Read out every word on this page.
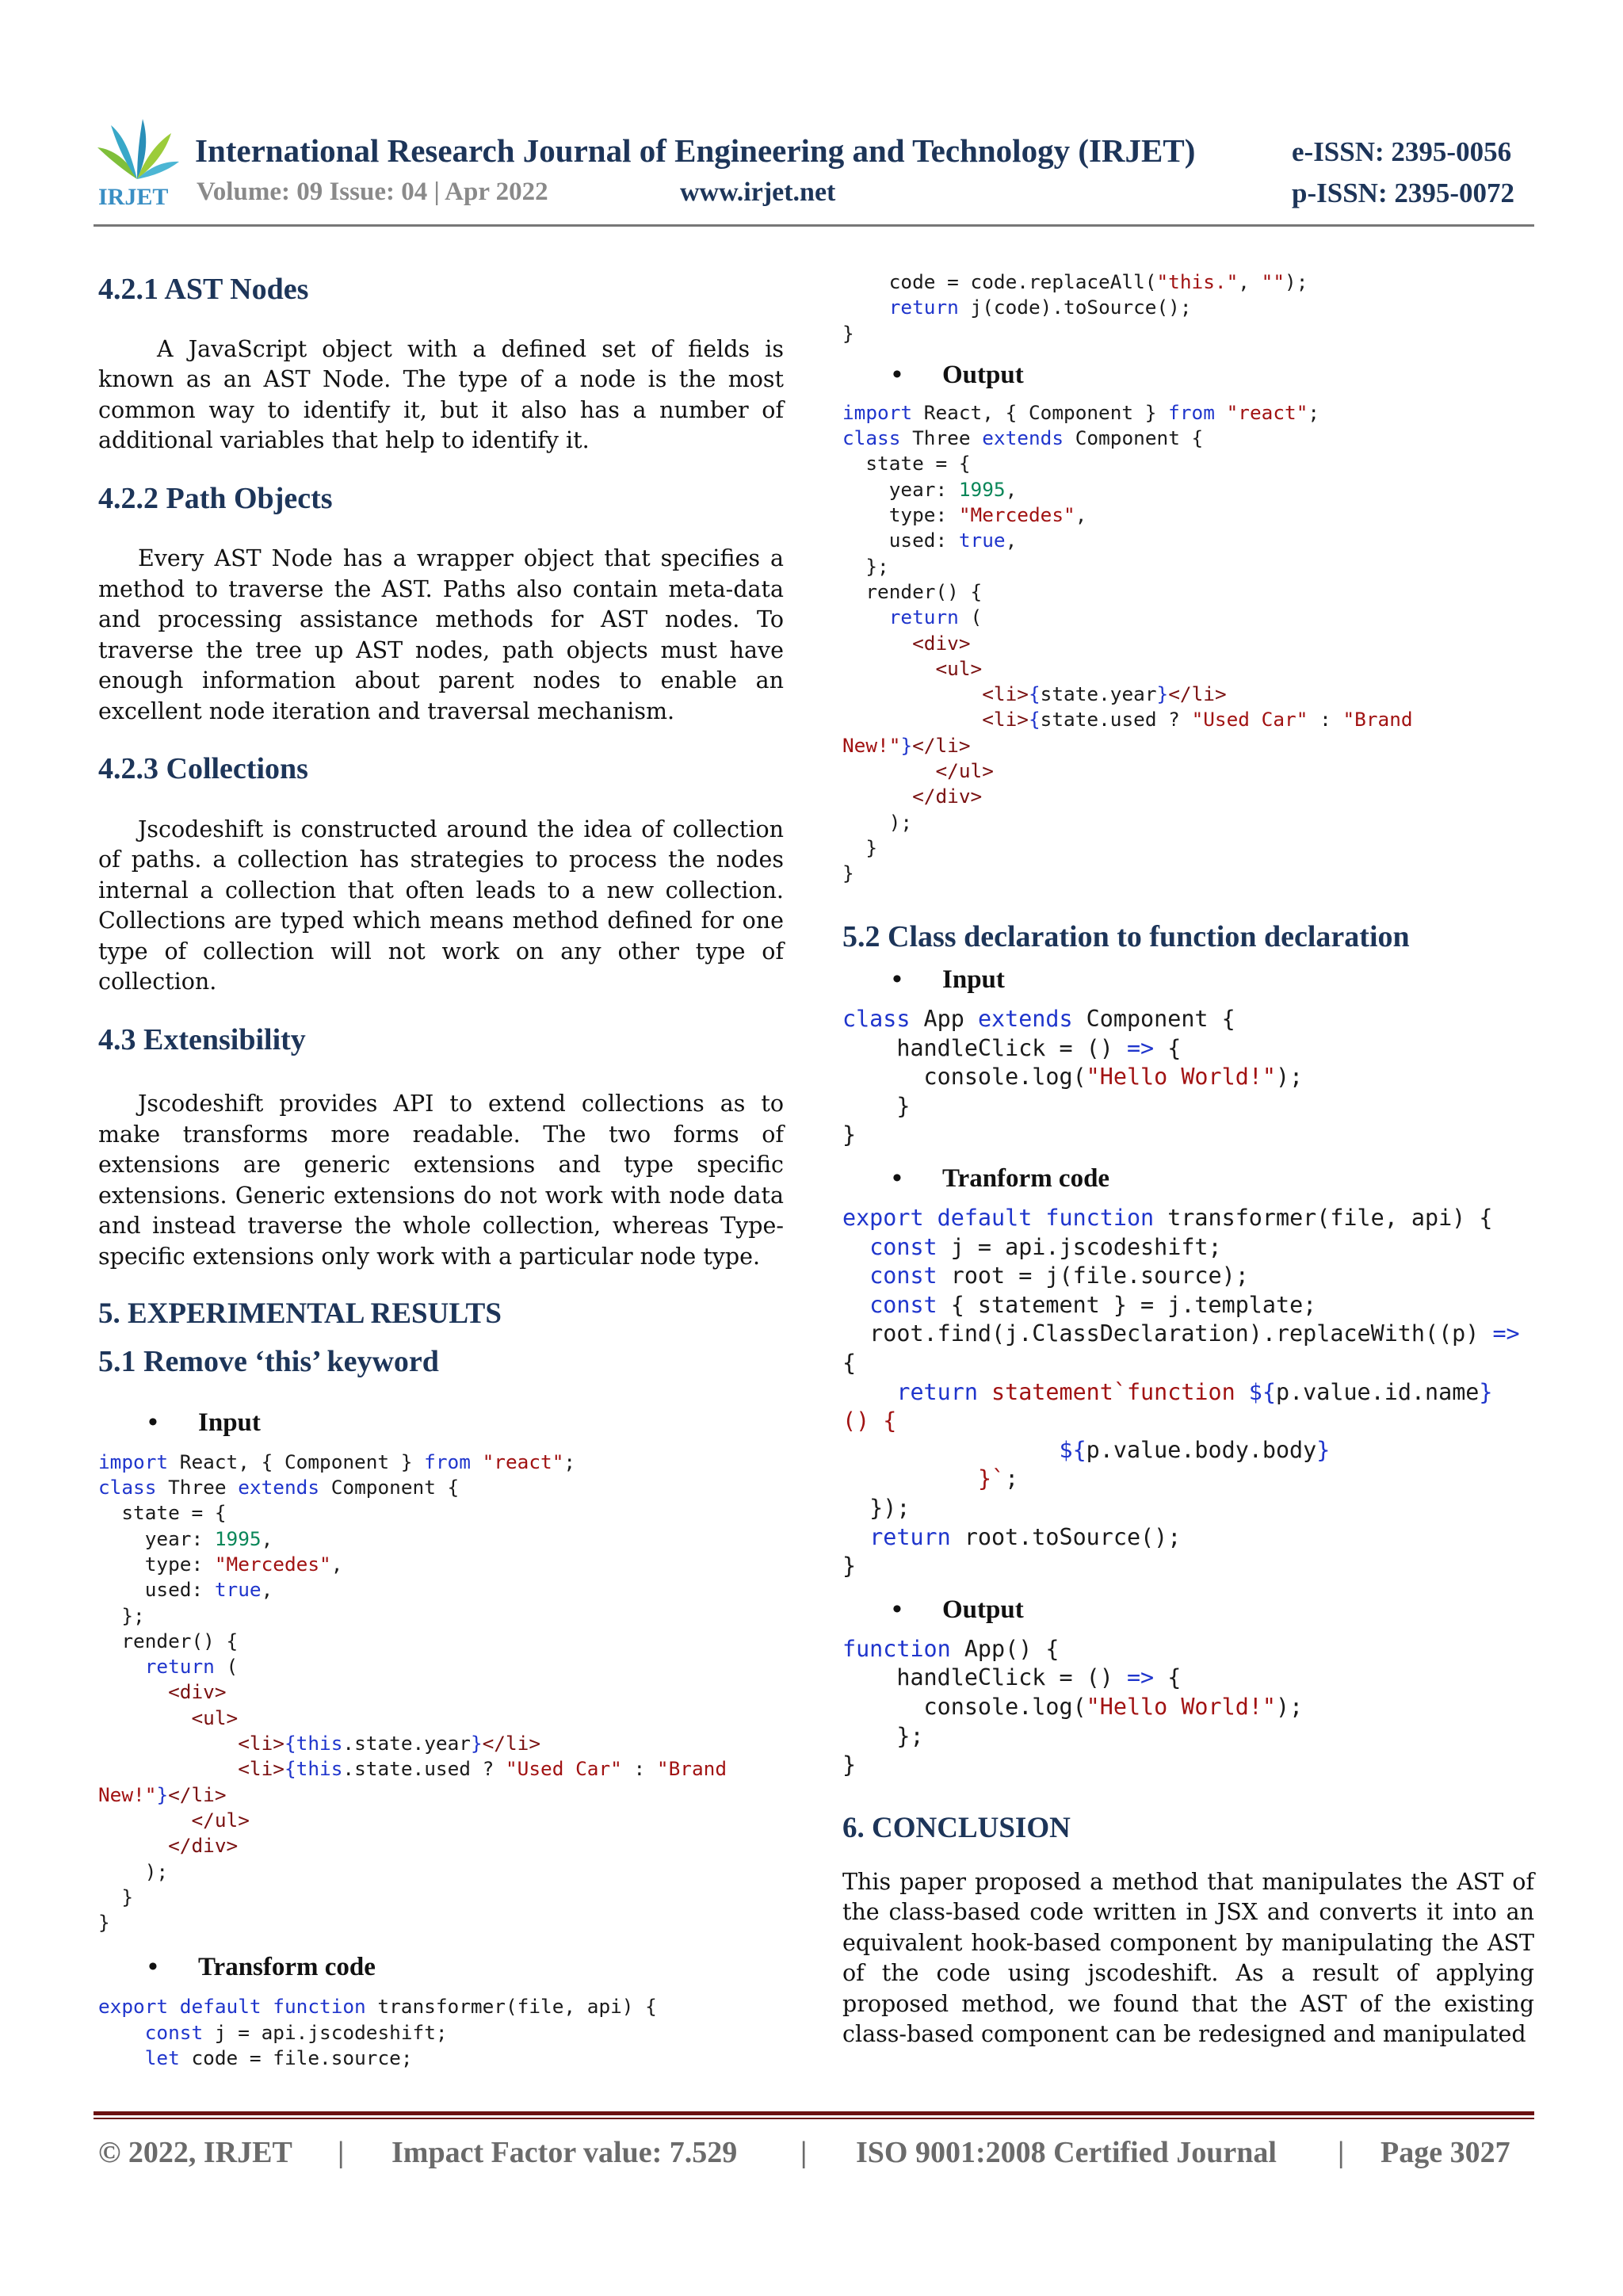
IRJET
International Research Journal of Engineering and Technology (IRJET)	e-ISSN: 2395-0056
Volume: 09 Issue: 04 | Apr 2022	www.irjet.net	p-ISSN: 2395-0072
4.2.1 AST Nodes

A JavaScript object with a defined set of fields is known as an AST Node. The type of a node is the most common way to identify it, but it also has a number of additional variables that help to identify it.

4.2.2 Path Objects

Every AST Node has a wrapper object that specifies a method to traverse the AST. Paths also contain meta-data and processing assistance methods for AST nodes. To traverse the tree up AST nodes, path objects must have enough information about parent nodes to enable an excellent node iteration and traversal mechanism.

4.2.3 Collections

Jscodeshift is constructed around the idea of collection of paths. a collection has strategies to process the nodes internal a collection that often leads to a new collection. Collections are typed which means method defined for one type of collection will not work on any other type of collection.

4.3 Extensibility

Jscodeshift provides API to extend collections as to make transforms more readable. The two forms of extensions are generic extensions and type specific extensions. Generic extensions do not work with node data and instead traverse the whole collection, whereas Type-specific extensions only work with a particular node type.

5. EXPERIMENTAL RESULTS
5.1 Remove ‘this’ keyword
• Input
import React, { Component } from "react";
class Three extends Component {
state = {
year: 1995,
type: "Mercedes",
used: true,
};
render() {
return (
<div>
<ul>
<li>{this.state.year}</li>
<li>{this.state.used ? "Used Car" : "Brand
New!"}</li>
</ul>
</div>
);
}
}
• Transform code
export default function transformer(file, api) {
const j = api.jscodeshift;
let code = file.source;
code = code.replaceAll("this.", "");
return j(code).toSource();
}
• Output
import React, { Component } from "react";
class Three extends Component {
state = {
year: 1995,
type: "Mercedes",
used: true,
};
render() {
return (
<div>
<ul>
<li>{state.year}</li>
<li>{state.used ? "Used Car" : "Brand
New!"}</li>
</ul>
</div>
);
}
}
5.2 Class declaration to function declaration
• Input
class App extends Component {
handleClick = () => {
console.log("Hello World!");
}
}
• Tranform code
export default function transformer(file, api) {
const j = api.jscodeshift;
const root = j(file.source);
const { statement } = j.template;
root.find(j.ClassDeclaration).replaceWith((p) =>
{
return statement`function ${p.value.id.name}
() {
${p.value.body.body}
}`;
});
return root.toSource();
}
• Output
function App() {
handleClick = () => {
console.log("Hello World!");
};
}
6. CONCLUSION

This paper proposed a method that manipulates the AST of the class-based code written in JSX and converts it into an equivalent hook-based component by manipulating the AST of the code using jscodeshift. As a result of applying proposed method, we found that the AST of the existing class-based component can be redesigned and manipulated

© 2022, IRJET | Impact Factor value: 7.529 | ISO 9001:2008 Certified Journal | Page 3027
